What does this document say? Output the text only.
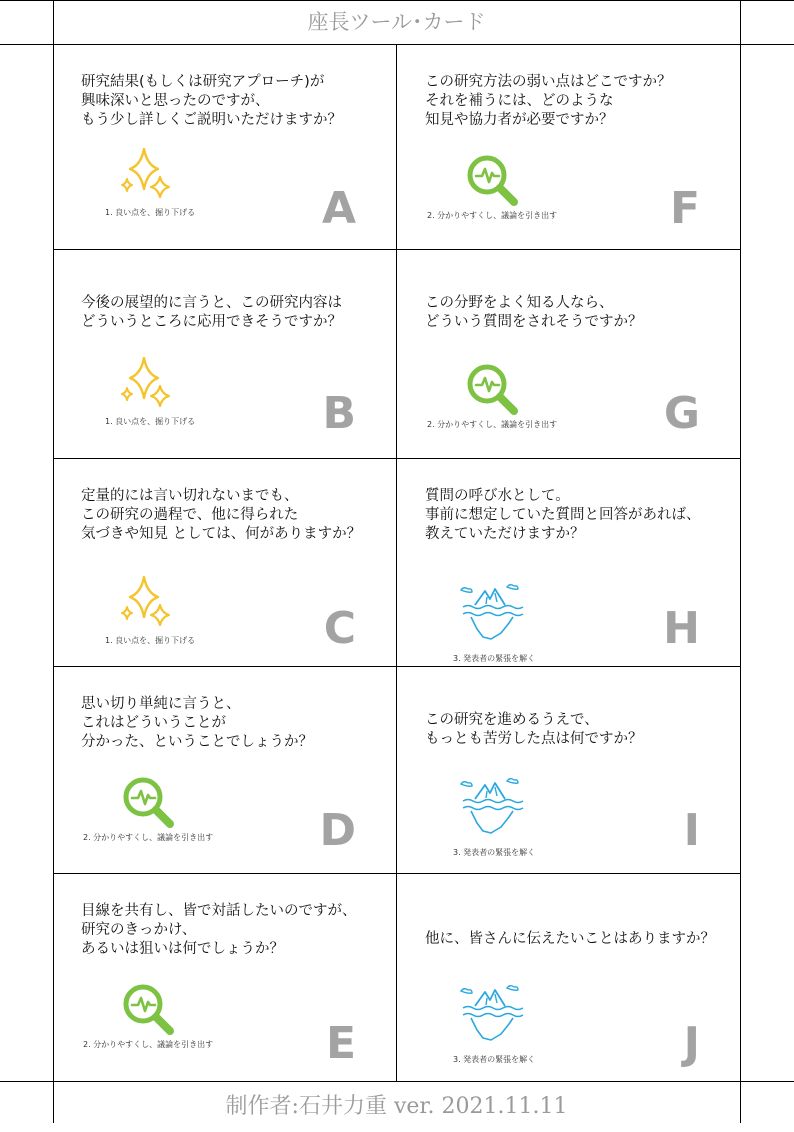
座長ツール･カード
研究結果(もしくは研究アプローチ)が
興味深いと思ったのですが、
もう少し詳しくご説明いただけますか？
1. 良い点を、掘り下げる	A
この研究方法の弱い点はどこですか？
それを補うには、どのような
知見や協力者が必要ですか？
2. 分かりやすくし、議論を引き出す	F
今後の展望的に言うと、この研究内容は
どういうところに応用できそうですか？
1. 良い点を、掘り下げる	B
この分野をよく知る人なら、
どういう質問をされそうですか？
2. 分かりやすくし、議論を引き出す G
定量的には言い切れないまでも、
この研究の過程で、他に得られた
気づきや知見 としては、何がありますか？
1. 良い点を、掘り下げる	C
質問の呼び水として。
事前に想定していた質問と回答があれば、
教えていただけますか？
3. 発表者の緊張を解く
H
思い切り単純に言うと、
これはどういうことが
分かった、ということでしょうか？
2. 分かりやすくし、議論を引き出す D
この研究を進めるうえで、
もっとも苦労した点は何ですか？
3. 発表者の緊張を解く	I
目線を共有し、皆で対話したいのですが、
研究のきっかけ、
あるいは狙いは何でしょうか？
2. 分かりやすくし、議論を引き出す	E
他に、皆さんに伝えたいことはありますか？
3. 発表者の緊張を解く	J
制作者:石井力重 ver. 2021.11.11
